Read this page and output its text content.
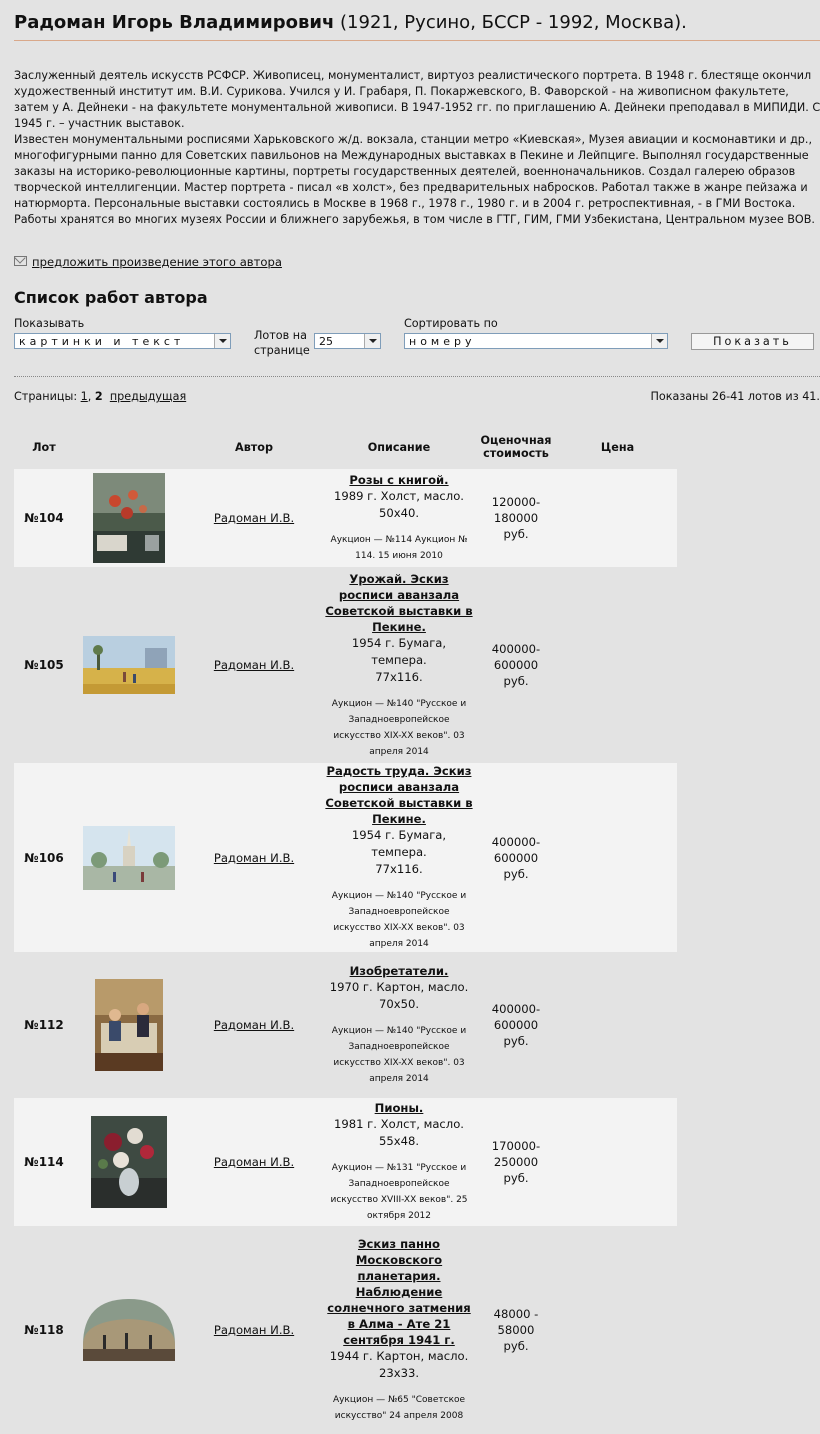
Радоман Игорь Владимирович (1921, Русино, БССР - 1992, Москва).

Заслуженный деятель искусств РСФСР. Живописец, монументалист, виртуоз реалистического портрета. В 1948 г. блестяще окончил художественный институт им. В.И. Сурикова. Учился у И. Грабаря, П. Покаржевского, В. Фаворской - на живописном факультете, затем у А. Дейнеки - на факультете монументальной живописи. В 1947-1952 гг. по приглашению А. Дейнеки преподавал в МИПИДИ. С 1945 г. – участник выставок.

Известен монументальными росписями Харьковского ж/д. вокзала, станции метро «Киевская», Музея авиации и космонавтики и др., многофигурными панно для Советских павильонов на Международных выставках в Пекине и Лейпциге. Выполнял государственные заказы на историко-революционные картины, портреты государственных деятелей, военноначальников. Создал галерею образов творческой интеллигенции. Мастер портрета - писал «в холст», без предварительных набросков. Работал также в жанре пейзажа и натюрморта. Персональные выставки состоялись в Москве в 1968 г., 1978 г., 1980 г. и в 2004 г. ретроспективная, - в ГМИ Востока. Работы хранятся во многих музеях России и ближнего зарубежья, в том числе в ГТГ, ГИМ, ГМИ Узбекистана, Центральном музее ВОВ.

предложить произведение этого автора
Список работ автора
Показывать
картинки и текст	Лотов на
странице
25
Сортировать по
номеру	Показать
Страницы: 1, 2 предыдущая	Показаны 26-41 лотов из 41.
Лот		Автор	Описание	Оценочная
стоимость	Цена
№104		Радоман И.В.	Розы с книгой.
1989 г. Холст, масло.
50х40.
Аукцион — №114 Аукцион № 114. 15 июня 2010	120000-180000
руб.	
№105		Радоман И.В.	Урожай. Эскиз росписи аванзала Советской выставки в Пекине.
1954 г. Бумага, темпера.
77х116.
Аукцион — №140 "Русское и Западноевропейское искусство XIX-XX веков". 03 апреля 2014	400000-600000
руб.	
№106		Радоман И.В.	Радость труда. Эскиз росписи аванзала Советской выставки в Пекине.
1954 г. Бумага, темпера.
77х116.
Аукцион — №140 "Русское и Западноевропейское искусство XIX-XX веков". 03 апреля 2014	400000-600000
руб.	
№112		Радоман И.В.	Изобретатели.
1970 г. Картон, масло.
70х50.
Аукцион — №140 "Русское и Западноевропейское искусство XIX-XX веков". 03 апреля 2014	400000-600000
руб.	
№114		Радоман И.В.	Пионы.
1981 г. Холст, масло.
55х48.
Аукцион — №131 "Русское и Западноевропейское искусство XVIII-XX веков". 25 октября 2012	170000-250000
руб.	
№118		Радоман И.В.	Эскиз панно Московского планетария. Наблюдение солнечного затмения в Алма - Ате 21 сентября 1941 г.
1944 г. Картон, масло.
23х33.
Аукцион — №65 "Советское искусство" 24 апреля 2008	48000 - 58000
руб.	
